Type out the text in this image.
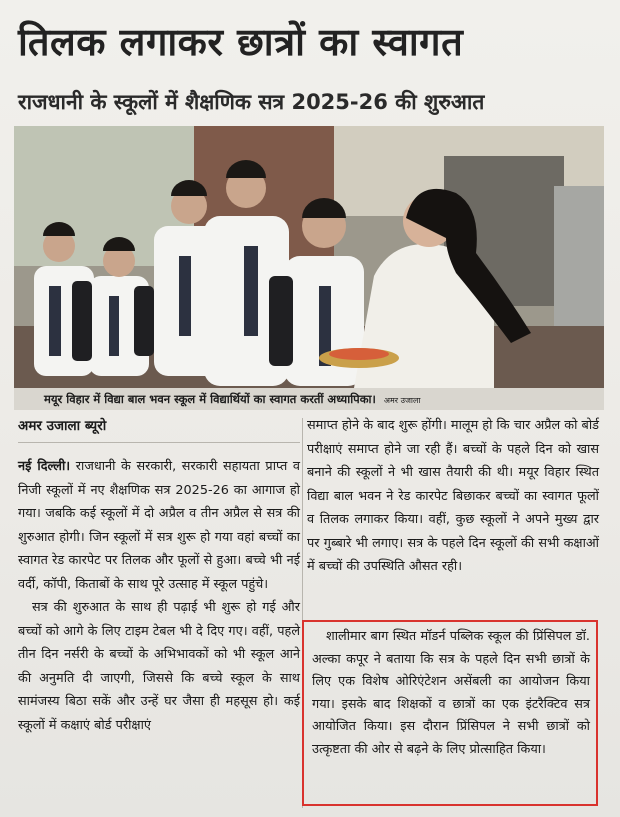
तिलक लगाकर छात्रों का स्वागत
राजधानी के स्कूलों में शैक्षणिक सत्र 2025-26 की शुरुआत
मयूर विहार में विद्या बाल भवन स्कूल में विद्यार्थियों का स्वागत करतीं अध्यापिका। अमर उजाला
अमर उजाला ब्यूरो

नई दिल्ली। राजधानी के सरकारी, सरकारी सहायता प्राप्त व निजी स्कूलों में नए शैक्षणिक सत्र 2025-26 का आगाज हो गया। जबकि कई स्कूलों में दो अप्रैल व तीन अप्रैल से सत्र की शुरुआत होगी। जिन स्कूलों में सत्र शुरू हो गया वहां बच्चों का स्वागत रेड कारपेट पर तिलक और फूलों से हुआ। बच्चे भी नई वर्दी, कॉपी, किताबों के साथ पूरे उत्साह में स्कूल पहुंचे।

सत्र की शुरुआत के साथ ही पढ़ाई भी शुरू हो गई और बच्चों को आगे के लिए टाइम टेबल भी दे दिए गए। वहीं, पहले तीन दिन नर्सरी के बच्चों के अभिभावकों को भी स्कूल आने की अनुमति दी जाएगी, जिससे कि बच्चे स्कूल के साथ सामंजस्य बिठा सकें और उन्हें घर जैसा ही महसूस हो। कई स्कूलों में कक्षाएं बोर्ड परीक्षाएं

समाप्त होने के बाद शुरू होंगी। मालूम हो कि चार अप्रैल को बोर्ड परीक्षाएं समाप्त होने जा रही हैं। बच्चों के पहले दिन को खास बनाने की स्कूलों ने भी खास तैयारी की थी। मयूर विहार स्थित विद्या बाल भवन ने रेड कारपेट बिछाकर बच्चों का स्वागत फूलों व तिलक लगाकर किया। वहीं, कुछ स्कूलों ने अपने मुख्य द्वार पर गुब्बारे भी लगाए। सत्र के पहले दिन स्कूलों की सभी कक्षाओं में बच्चों की उपस्थिति औसत रही।

शालीमार बाग स्थित मॉडर्न पब्लिक स्कूल की प्रिंसिपल डॉ. अल्का कपूर ने बताया कि सत्र के पहले दिन सभी छात्रों के लिए एक विशेष ओरिएंटेशन असेंबली का आयोजन किया गया। इसके बाद शिक्षकों व छात्रों का एक इंटरैक्टिव सत्र आयोजित किया। इस दौरान प्रिंसिपल ने सभी छात्रों को उत्कृष्टता की ओर से बढ़ने के लिए प्रोत्साहित किया।
